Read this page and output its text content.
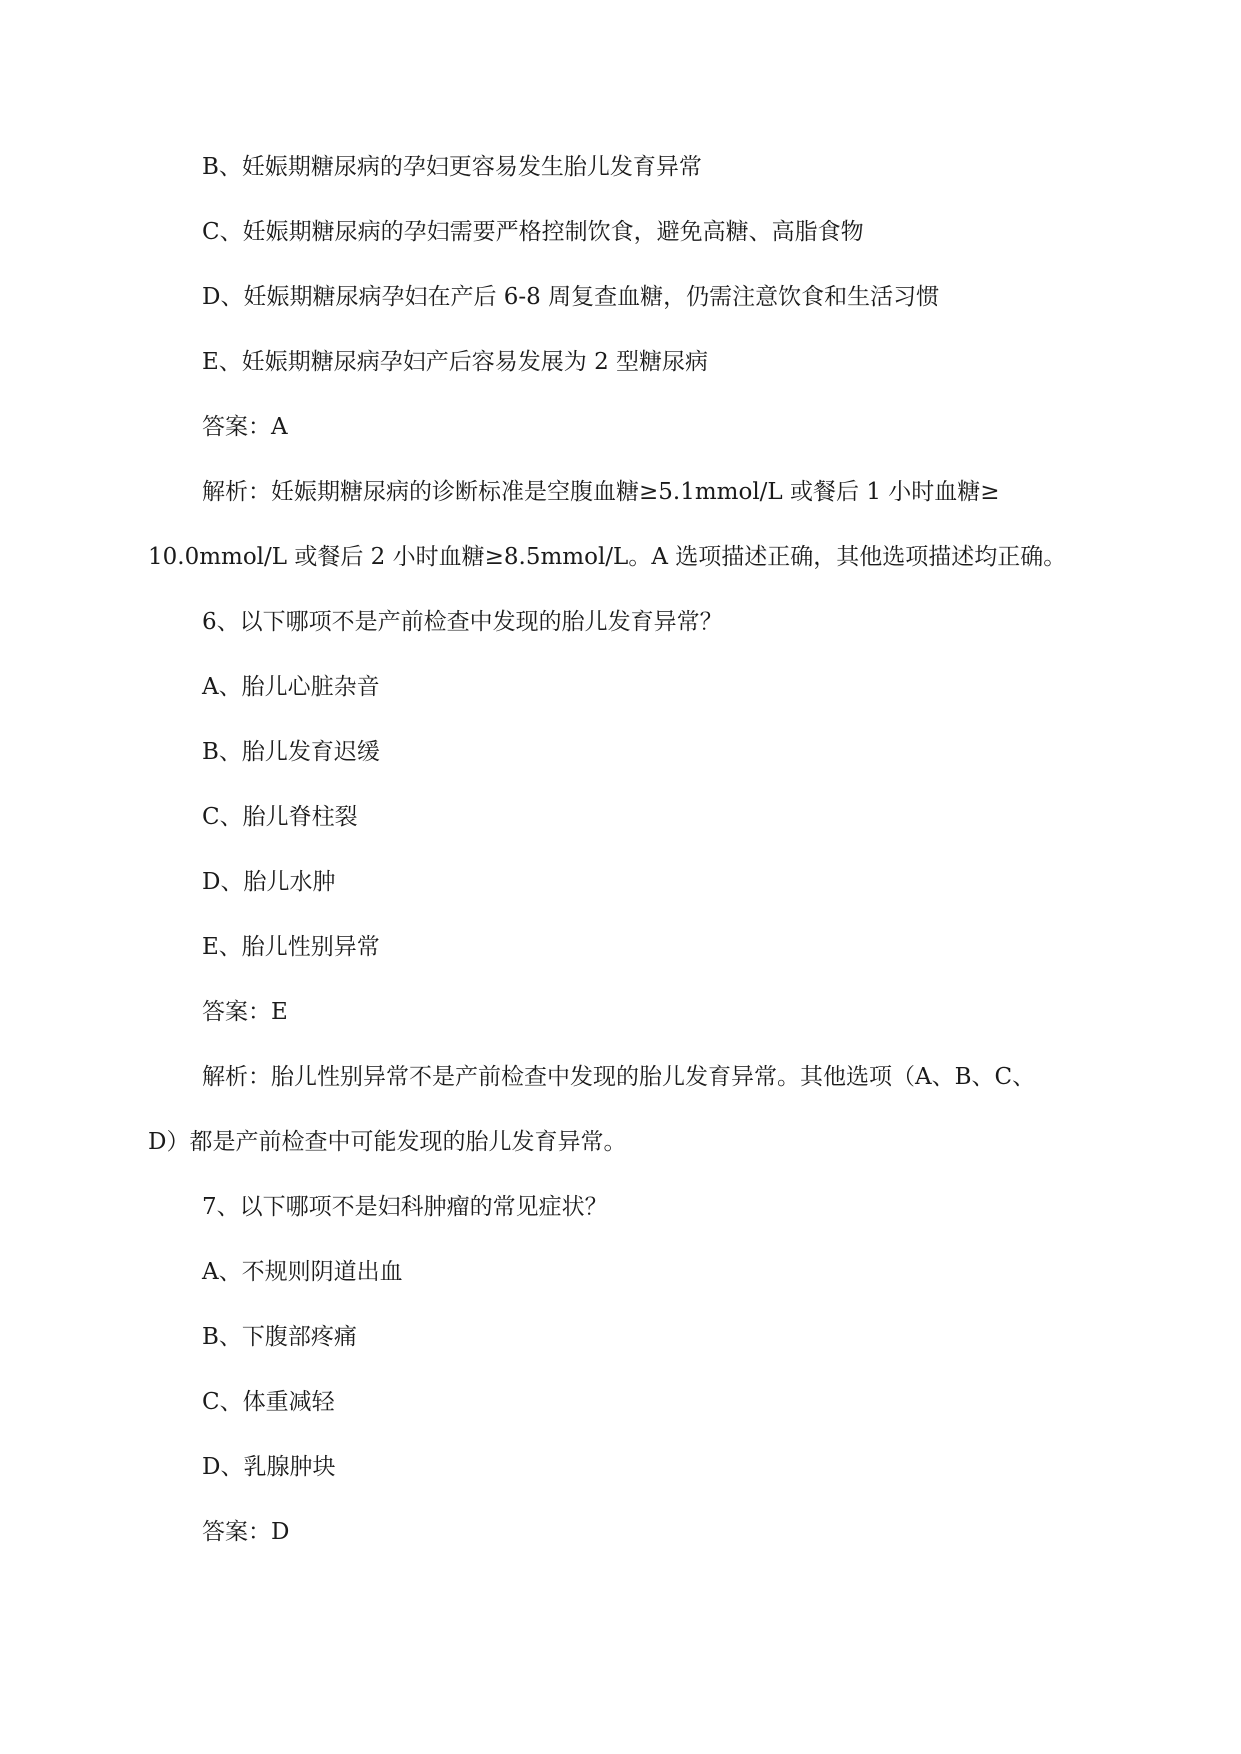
B、妊娠期糖尿病的孕妇更容易发生胎儿发育异常

C、妊娠期糖尿病的孕妇需要严格控制饮食，避免高糖、高脂食物

D、妊娠期糖尿病孕妇在产后 6-8 周复查血糖，仍需注意饮食和生活习惯

E、妊娠期糖尿病孕妇产后容易发展为 2 型糖尿病

答案：A

解析：妊娠期糖尿病的诊断标准是空腹血糖≥5.1mmol/L 或餐后 1 小时血糖≥

10.0mmol/L 或餐后 2 小时血糖≥8.5mmol/L。A 选项描述正确，其他选项描述均正确。

6、以下哪项不是产前检查中发现的胎儿发育异常？

A、胎儿心脏杂音

B、胎儿发育迟缓

C、胎儿脊柱裂

D、胎儿水肿

E、胎儿性别异常

答案：E

解析：胎儿性别异常不是产前检查中发现的胎儿发育异常。其他选项（A、B、C、

D）都是产前检查中可能发现的胎儿发育异常。

7、以下哪项不是妇科肿瘤的常见症状？

A、不规则阴道出血

B、下腹部疼痛

C、体重减轻

D、乳腺肿块

答案：D
